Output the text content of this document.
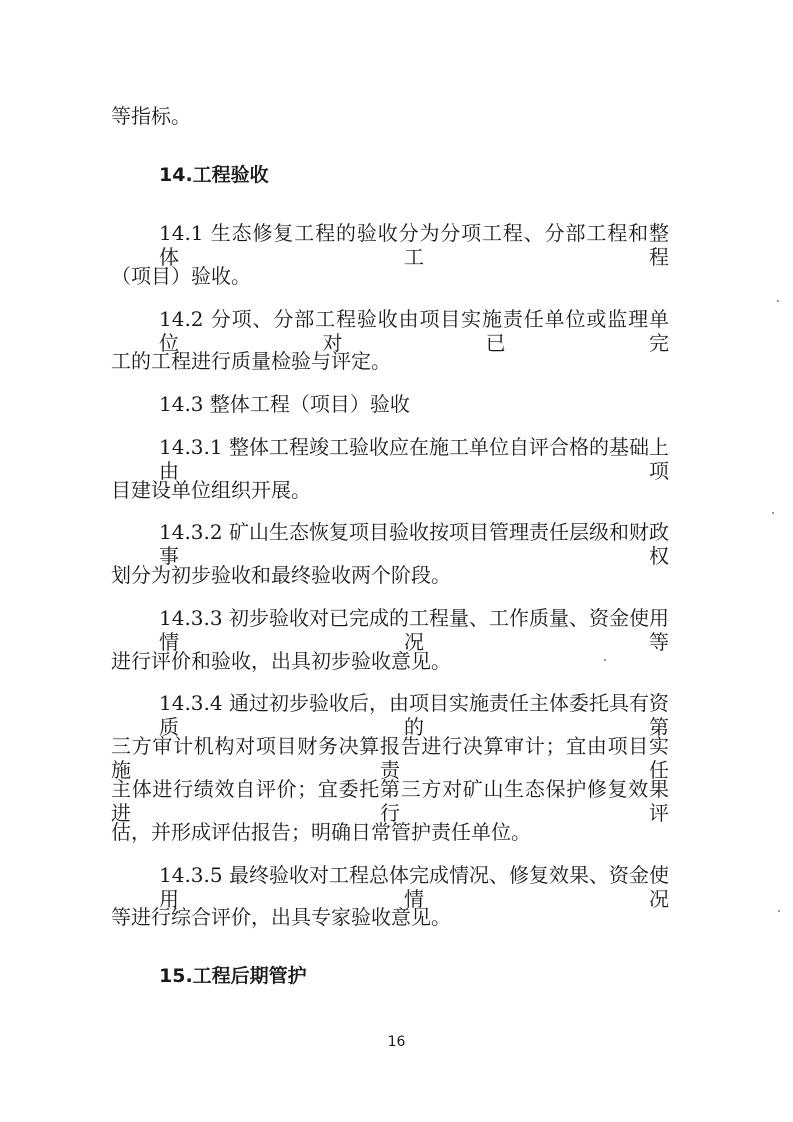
等指标。

14.工程验收

14.1 生态修复工程的验收分为分项工程、分部工程和整体工程

（项目）验收。

14.2 分项、分部工程验收由项目实施责任单位或监理单位对已完

工的工程进行质量检验与评定。

14.3 整体工程（项目）验收

14.3.1 整体工程竣工验收应在施工单位自评合格的基础上由项

目建设单位组织开展。

14.3.2 矿山生态恢复项目验收按项目管理责任层级和财政事权

划分为初步验收和最终验收两个阶段。

14.3.3 初步验收对已完成的工程量、工作质量、资金使用情况等

进行评价和验收，出具初步验收意见。

14.3.4 通过初步验收后，由项目实施责任主体委托具有资质的第

三方审计机构对项目财务决算报告进行决算审计；宜由项目实施责任

主体进行绩效自评价；宜委托第三方对矿山生态保护修复效果进行评

估，并形成评估报告；明确日常管护责任单位。

14.3.5 最终验收对工程总体完成情况、修复效果、资金使用情况

等进行综合评价，出具专家验收意见。

15.工程后期管护

16
